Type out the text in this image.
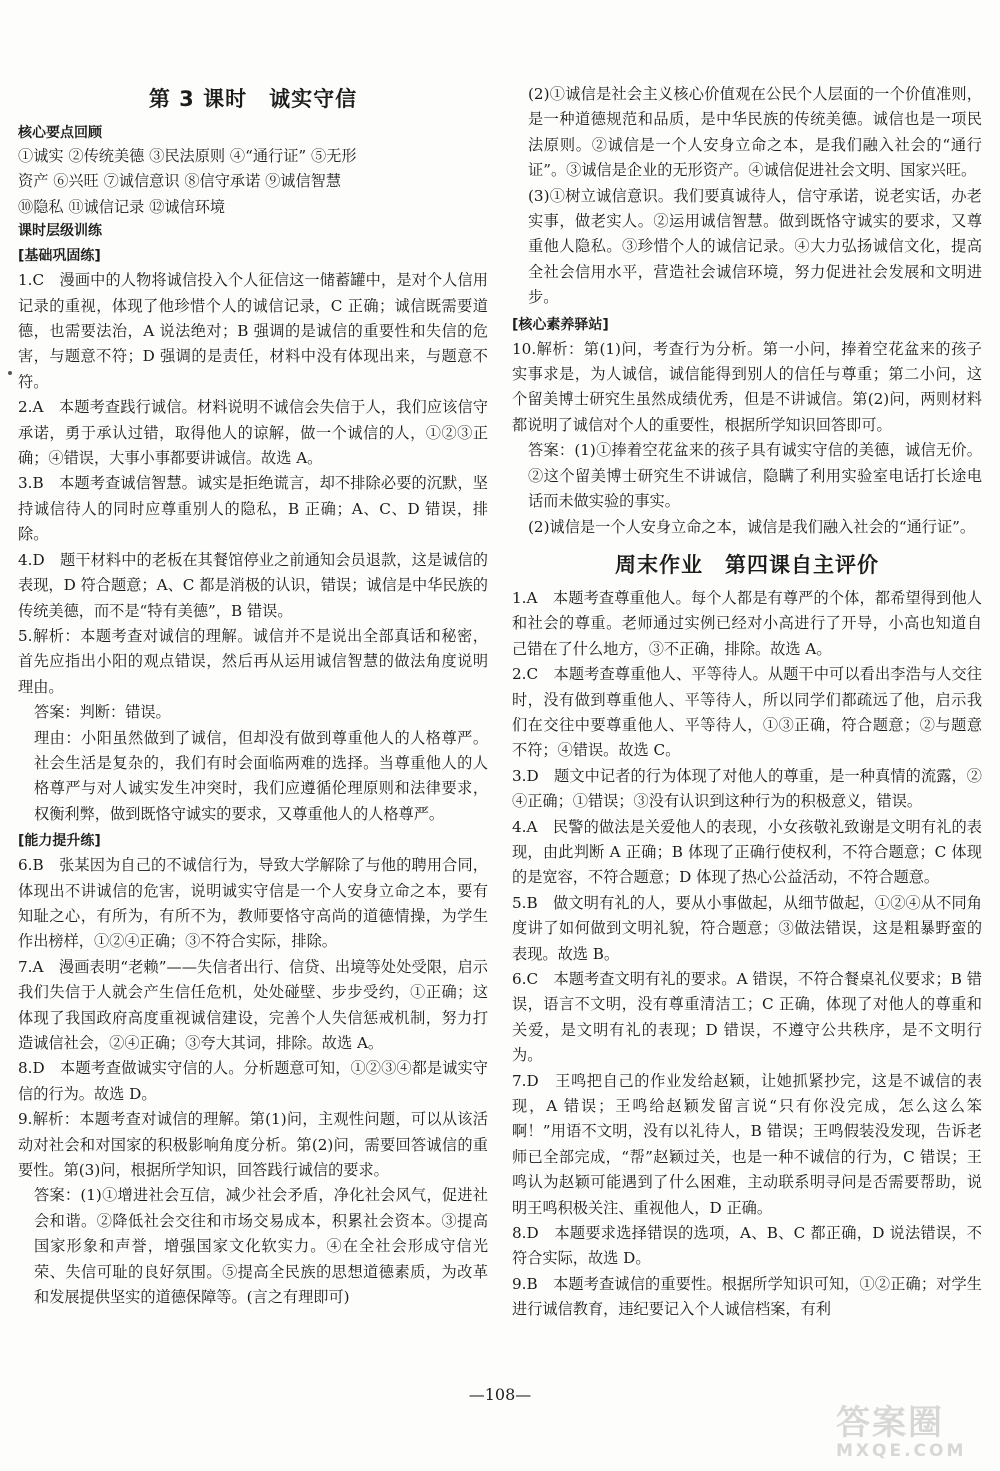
第 3 课时　诚实守信
核心要点回顾

①诚实 ②传统美德 ③民法原则 ④“通行证” ⑤无形

资产 ⑥兴旺 ⑦诚信意识 ⑧信守承诺 ⑨诚信智慧

⑩隐私 ⑪诚信记录 ⑫诚信环境

课时层级训练
[基础巩固练]

1.C　漫画中的人物将诚信投入个人征信这一储蓄罐中，是对个人信用记录的重视，体现了他珍惜个人的诚信记录，C 正确；诚信既需要道德，也需要法治，A 说法绝对；B 强调的是诚信的重要性和失信的危害，与题意不符；D 强调的是责任，材料中没有体现出来，与题意不符。

2.A　本题考查践行诚信。材料说明不诚信会失信于人，我们应该信守承诺，勇于承认过错，取得他人的谅解，做一个诚信的人，①②③正确；④错误，大事小事都要讲诚信。故选 A。

3.B　本题考查诚信智慧。诚实是拒绝谎言，却不排除必要的沉默，坚持诚信待人的同时应尊重别人的隐私，B 正确；A、C、D 错误，排除。

4.D　题干材料中的老板在其餐馆停业之前通知会员退款，这是诚信的表现，D 符合题意；A、C 都是消极的认识，错误；诚信是中华民族的传统美德，而不是“特有美德”，B 错误。

5.解析：本题考查对诚信的理解。诚信并不是说出全部真话和秘密，首先应指出小阳的观点错误，然后再从运用诚信智慧的做法角度说明理由。

答案：判断：错误。

理由：小阳虽然做到了诚信，但却没有做到尊重他人的人格尊严。社会生活是复杂的，我们有时会面临两难的选择。当尊重他人的人格尊严与对人诚实发生冲突时，我们应遵循伦理原则和法律要求，权衡利弊，做到既恪守诚实的要求，又尊重他人的人格尊严。

[能力提升练]

6.B　张某因为自己的不诚信行为，导致大学解除了与他的聘用合同，体现出不讲诚信的危害，说明诚实守信是一个人安身立命之本，要有知耻之心，有所为，有所不为，教师要恪守高尚的道德情操，为学生作出榜样，①②④正确；③不符合实际，排除。

7.A　漫画表明“老赖”——失信者出行、信贷、出境等处处受限，启示我们失信于人就会产生信任危机，处处碰壁、步步受约，①正确；这体现了我国政府高度重视诚信建设，完善个人失信惩戒机制，努力打造诚信社会，②④正确；③夸大其词，排除。故选 A。

8.D　本题考查做诚实守信的人。分析题意可知，①②③④都是诚实守信的行为。故选 D。

9.解析：本题考查对诚信的理解。第(1)问，主观性问题，可以从该活动对社会和对国家的积极影响角度分析。第(2)问，需要回答诚信的重要性。第(3)问，根据所学知识，回答践行诚信的要求。

答案：(1)①增进社会互信，减少社会矛盾，净化社会风气，促进社会和谐。②降低社会交往和市场交易成本，积累社会资本。③提高国家形象和声誉，增强国家文化软实力。④在全社会形成守信光荣、失信可耻的良好氛围。⑤提高全民族的思想道德素质，为改革和发展提供坚实的道德保障等。(言之有理即可)

(2)①诚信是社会主义核心价值观在公民个人层面的一个价值准则，是一种道德规范和品质，是中华民族的传统美德。诚信也是一项民法原则。②诚信是一个人安身立命之本，是我们融入社会的“通行证”。③诚信是企业的无形资产。④诚信促进社会文明、国家兴旺。

(3)①树立诚信意识。我们要真诚待人，信守承诺，说老实话，办老实事，做老实人。②运用诚信智慧。做到既恪守诚实的要求，又尊重他人隐私。③珍惜个人的诚信记录。④大力弘扬诚信文化，提高全社会信用水平，营造社会诚信环境，努力促进社会发展和文明进步。

[核心素养驿站]

10.解析：第(1)问，考查行为分析。第一小问，捧着空花盆来的孩子实事求是，为人诚信，诚信能得到别人的信任与尊重；第二小问，这个留美博士研究生虽然成绩优秀，但是不讲诚信。第(2)问，两则材料都说明了诚信对个人的重要性，根据所学知识回答即可。

答案：(1)①捧着空花盆来的孩子具有诚实守信的美德，诚信无价。②这个留美博士研究生不讲诚信，隐瞒了利用实验室电话打长途电话而未做实验的事实。

(2)诚信是一个人安身立命之本，诚信是我们融入社会的“通行证”。

周末作业　第四课自主评价

1.A　本题考查尊重他人。每个人都是有尊严的个体，都希望得到他人和社会的尊重。老师通过实例已经对小高进行了开导，小高也知道自己错在了什么地方，③不正确，排除。故选 A。

2.C　本题考查尊重他人、平等待人。从题干中可以看出李浩与人交往时，没有做到尊重他人、平等待人，所以同学们都疏远了他，启示我们在交往中要尊重他人、平等待人，①③正确，符合题意；②与题意不符；④错误。故选 C。

3.D　题文中记者的行为体现了对他人的尊重，是一种真情的流露，②④正确；①错误；③没有认识到这种行为的积极意义，错误。

4.A　民警的做法是关爱他人的表现，小女孩敬礼致谢是文明有礼的表现，由此判断 A 正确；B 体现了正确行使权利，不符合题意；C 体现的是宽容，不符合题意；D 体现了热心公益活动，不符合题意。

5.B　做文明有礼的人，要从小事做起，从细节做起，①②④从不同角度讲了如何做到文明礼貌，符合题意；③做法错误，这是粗暴野蛮的表现。故选 B。

6.C　本题考查文明有礼的要求。A 错误，不符合餐桌礼仪要求；B 错误，语言不文明，没有尊重清洁工；C 正确，体现了对他人的尊重和关爱，是文明有礼的表现；D 错误，不遵守公共秩序，是不文明行为。

7.D　王鸣把自己的作业发给赵颖，让她抓紧抄完，这是不诚信的表现，A 错误；王鸣给赵颖发留言说“只有你没完成，怎么这么笨啊！”用语不文明，没有以礼待人，B 错误；王鸣假装没发现，告诉老师已全部完成，“帮”赵颖过关，也是一种不诚信的行为，C 错误；王鸣认为赵颖可能遇到了什么困难，主动联系明寻问是否需要帮助，说明王鸣积极关注、重视他人，D 正确。

8.D　本题要求选择错误的选项，A、B、C 都正确，D 说法错误，不符合实际，故选 D。

9.B　本题考查诚信的重要性。根据所学知识可知，①②正确；对学生进行诚信教育，违纪要记入个人诚信档案，有利

—108—
答案圈
MXQE.COM
